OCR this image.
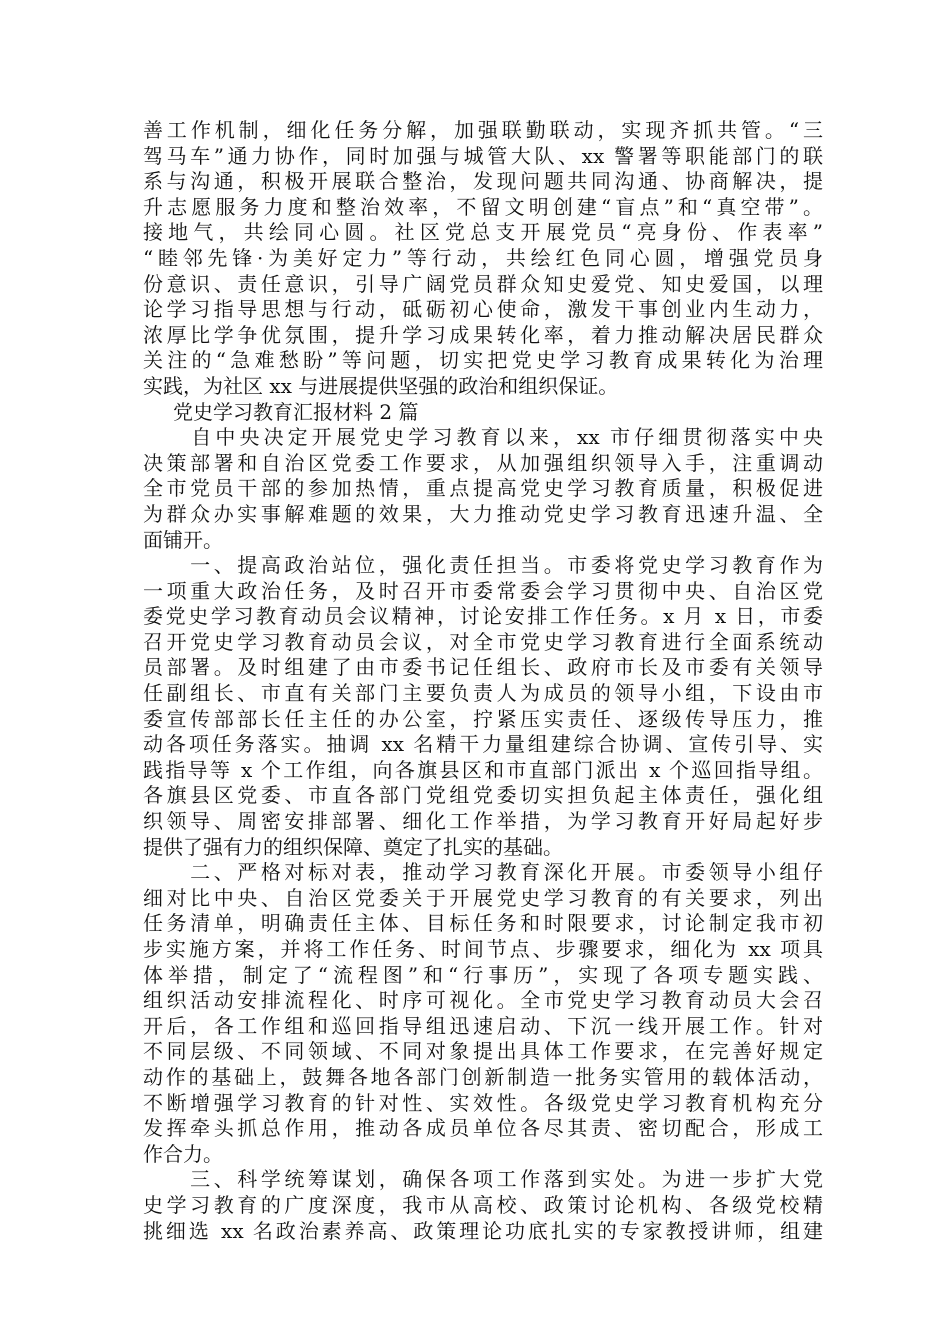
善工作机制，细化任务分解，加强联勤联动，实现齐抓共管。“三
驾马车”通力协作，同时加强与城管大队、xx 警署等职能部门的联
系与沟通，积极开展联合整治，发现问题共同沟通、协商解决，提
升志愿服务力度和整治效率，不留文明创建“盲点”和“真空带”。
接地气，共绘同心圆。社区党总支开展党员“亮身份、作表率”
“睦邻先锋·为美好定力”等行动，共绘红色同心圆，增强党员身
份意识、责任意识，引导广阔党员群众知史爱党、知史爱国，以理
论学习指导思想与行动，砥砺初心使命，激发干事创业内生动力，
浓厚比学争优氛围，提升学习成果转化率，着力推动解决居民群众
关注的“急难愁盼”等问题，切实把党史学习教育成果转化为治理
实践，为社区 xx 与进展提供坚强的政治和组织保证。
党史学习教育汇报材料 2 篇
　　自中央决定开展党史学习教育以来，xx 市仔细贯彻落实中央
决策部署和自治区党委工作要求，从加强组织领导入手，注重调动
全市党员干部的参加热情，重点提高党史学习教育质量，积极促进
为群众办实事解难题的效果，大力推动党史学习教育迅速升温、全
面铺开。
　　一、提高政治站位，强化责任担当。市委将党史学习教育作为
一项重大政治任务，及时召开市委常委会学习贯彻中央、自治区党
委党史学习教育动员会议精神，讨论安排工作任务。x 月 x 日，市委
召开党史学习教育动员会议，对全市党史学习教育进行全面系统动
员部署。及时组建了由市委书记任组长、政府市长及市委有关领导
任副组长、市直有关部门主要负责人为成员的领导小组，下设由市
委宣传部部长任主任的办公室，拧紧压实责任、逐级传导压力，推
动各项任务落实。抽调 xx 名精干力量组建综合协调、宣传引导、实
践指导等 x 个工作组，向各旗县区和市直部门派出 x 个巡回指导组。
各旗县区党委、市直各部门党组党委切实担负起主体责任，强化组
织领导、周密安排部署、细化工作举措，为学习教育开好局起好步
提供了强有力的组织保障、奠定了扎实的基础。
　　二、严格对标对表，推动学习教育深化开展。市委领导小组仔
细对比中央、自治区党委关于开展党史学习教育的有关要求，列出
任务清单，明确责任主体、目标任务和时限要求，讨论制定我市初
步实施方案，并将工作任务、时间节点、步骤要求，细化为 xx 项具
体举措，制定了“流程图”和“行事历”，实现了各项专题实践、
组织活动安排流程化、时序可视化。全市党史学习教育动员大会召
开后，各工作组和巡回指导组迅速启动、下沉一线开展工作。针对
不同层级、不同领域、不同对象提出具体工作要求，在完善好规定
动作的基础上，鼓舞各地各部门创新制造一批务实管用的载体活动，
不断增强学习教育的针对性、实效性。各级党史学习教育机构充分
发挥牵头抓总作用，推动各成员单位各尽其责、密切配合，形成工
作合力。
　　三、科学统筹谋划，确保各项工作落到实处。为进一步扩大党
史学习教育的广度深度，我市从高校、政策讨论机构、各级党校精
挑细选 xx 名政治素养高、政策理论功底扎实的专家教授讲师，组建
